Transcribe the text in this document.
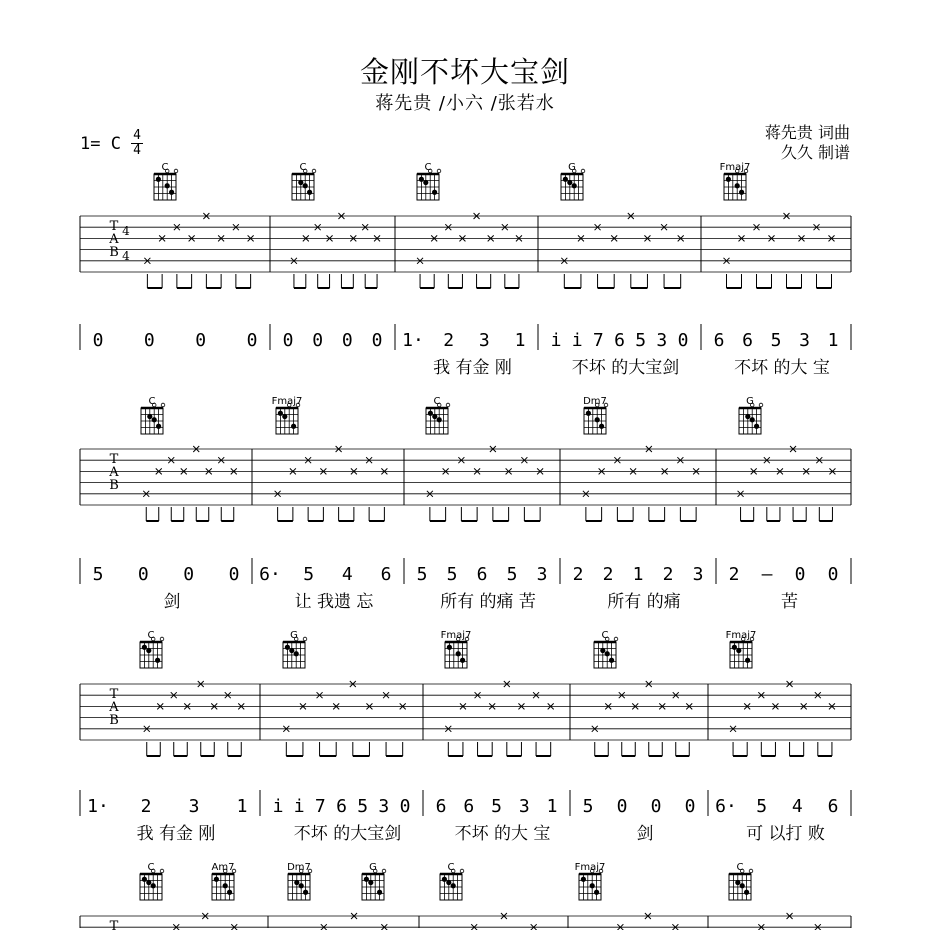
金刚不坏大宝剑
蒋先贵 /小六 /张若水
1= C 4
4
蒋先贵 词曲
久久 制谱
T
A
B
4
4
C	C	C	G	Fmaj7
0 0 0 0 0 0 0 0 1· 2 3 1 i i 7 6 5 3 0 6 6 5 3 1
我 有金 刚	不坏 的大宝剑	不坏 的大 宝
T
A
B
C	Fmaj7	C	Dm7	G
5 0 0 0 6· 5 4 6 5 5 6 5 3 2 2 1 2 3 2 — 0 0
剑	让 我遗 忘	所有 的痛 苦	所有 的痛	苦
T
A
B
C	G	Fmaj7	C	Fmaj7
1· 2 3 1 i i 7 6 5 3 0 6 6 5 3 1 5 0 0 0 6· 5 4 6
我 有金 刚	不坏 的大宝剑	不坏 的大 宝	剑	可 以打 败
T
C	Am7	Dm7	G	C	Fmaj7	C
